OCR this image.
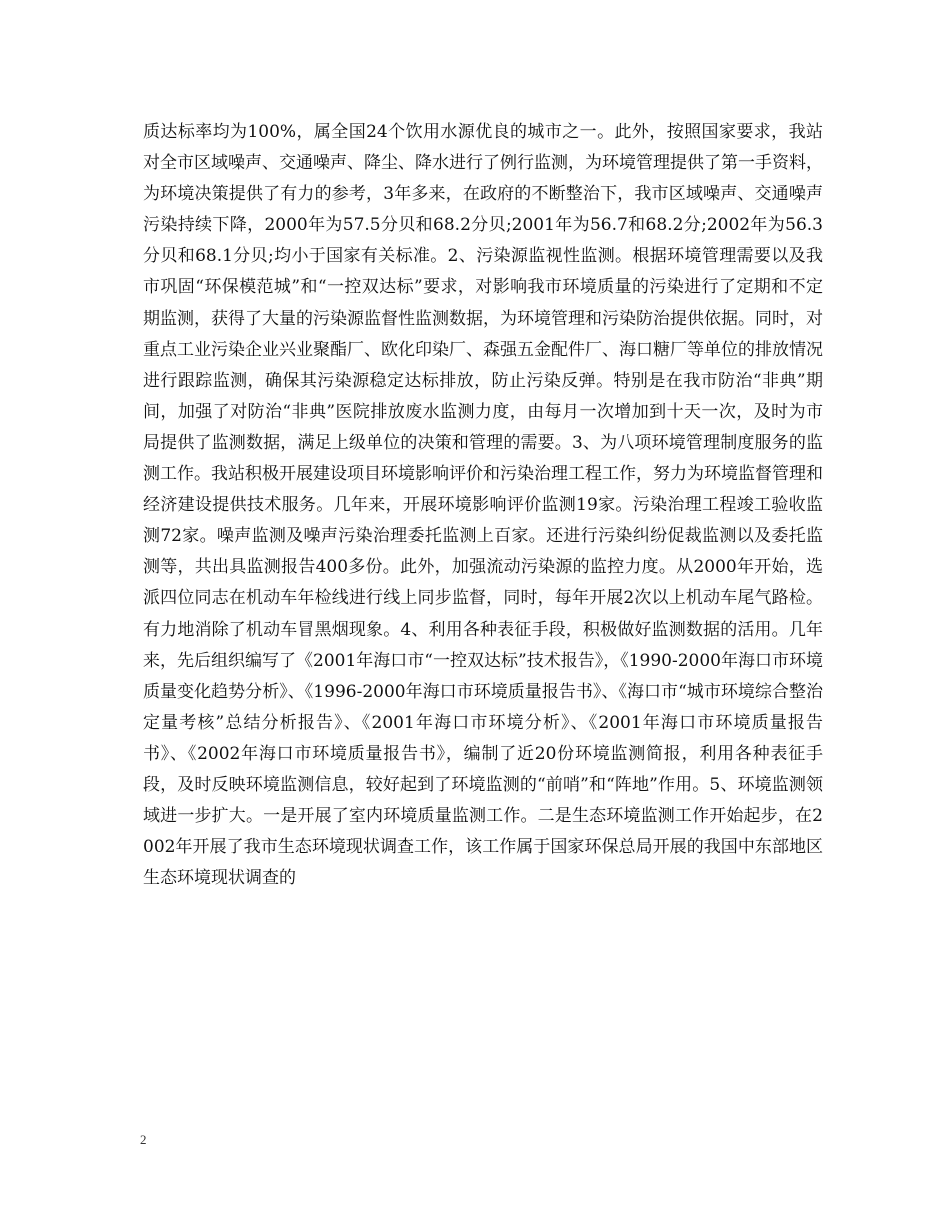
质达标率均为100%，属全国24个饮用水源优良的城市之一。此外，按照国家要求，我站对全市区域噪声、交通噪声、降尘、降水进行了例行监测，为环境管理提供了第一手资料，为环境决策提供了有力的参考，3年多来，在政府的不断整治下，我市区域噪声、交通噪声污染持续下降，2000年为57.5分贝和68.2分贝;2001年为56.7和68.2分;2002年为56.3分贝和68.1分贝;均小于国家有关标准。2、污染源监视性监测。根据环境管理需要以及我市巩固“环保模范城”和“一控双达标”要求，对影响我市环境质量的污染进行了定期和不定期监测，获得了大量的污染源监督性监测数据，为环境管理和污染防治提供依据。同时，对重点工业污染企业兴业聚酯厂、欧化印染厂、森强五金配件厂、海口糖厂等单位的排放情况进行跟踪监测，确保其污染源稳定达标排放，防止污染反弹。特别是在我市防治“非典”期间，加强了对防治“非典”医院排放废水监测力度，由每月一次增加到十天一次，及时为市局提供了监测数据，满足上级单位的决策和管理的需要。3、为八项环境管理制度服务的监测工作。我站积极开展建设项目环境影响评价和污染治理工程工作，努力为环境监督管理和经济建设提供技术服务。几年来，开展环境影响评价监测19家。污染治理工程竣工验收监测72家。噪声监测及噪声污染治理委托监测上百家。还进行污染纠纷促裁监测以及委托监测等，共出具监测报告400多份。此外，加强流动污染源的监控力度。从2000年开始，选派四位同志在机动车年检线进行线上同步监督，同时，每年开展2次以上机动车尾气路检。有力地消除了机动车冒黑烟现象。4、利用各种表征手段，积极做好监测数据的活用。几年来，先后组织编写了《2001年海口市“一控双达标”技术报告》，《1990-2000年海口市环境质量变化趋势分析》、《1996-2000年海口市环境质量报告书》、《海口市“城市环境综合整治定量考核”总结分析报告》、《2001年海口市环境分析》、《2001年海口市环境质量报告书》、《2002年海口市环境质量报告书》，编制了近20份环境监测简报，利用各种表征手段，及时反映环境监测信息，较好起到了环境监测的“前哨”和“阵地”作用。5、环境监测领域进一步扩大。一是开展了室内环境质量监测工作。二是生态环境监测工作开始起步，在2002年开展了我市生态环境现状调查工作，该工作属于国家环保总局开展的我国中东部地区生态环境现状调查的

2
